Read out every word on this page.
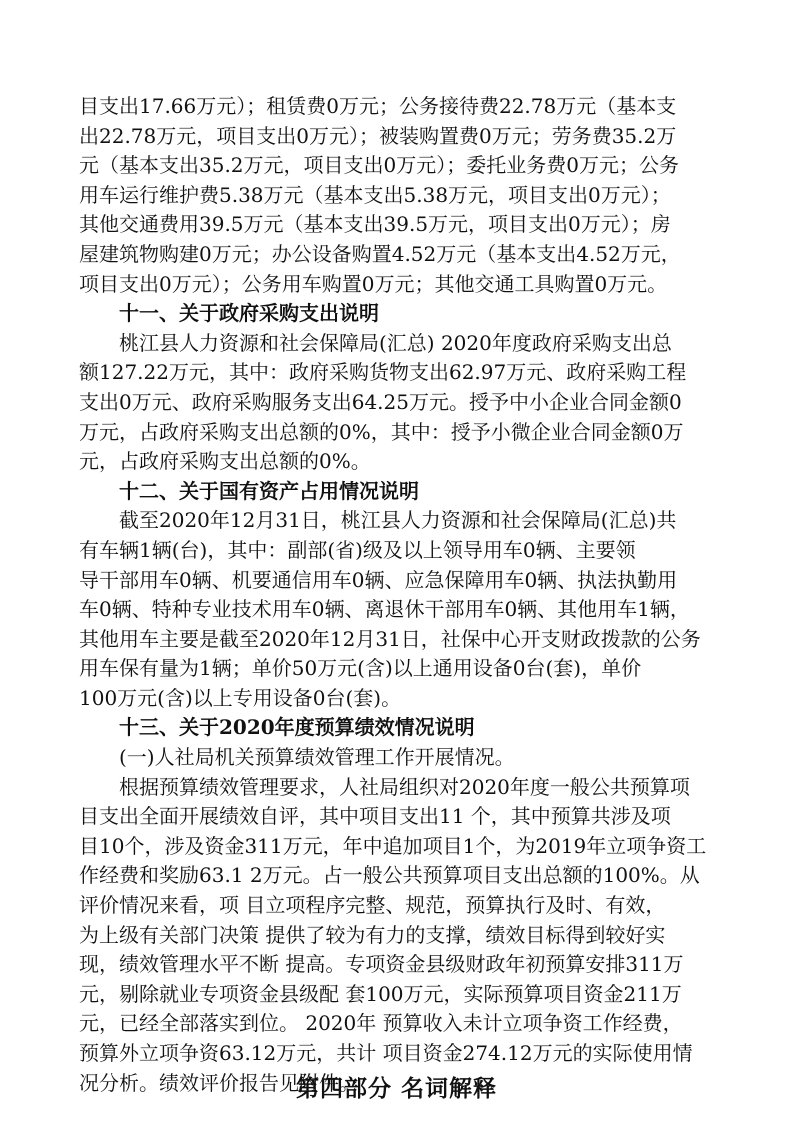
目支出17.66万元）；租赁费0万元；公务接待费22.78万元（基本支
出22.78万元，项目支出0万元）；被装购置费0万元；劳务费35.2万
元（基本支出35.2万元，项目支出0万元）；委托业务费0万元；公务
用车运行维护费5.38万元（基本支出5.38万元，项目支出0万元）；
其他交通费用39.5万元（基本支出39.5万元，项目支出0万元）；房
屋建筑物购建0万元；办公设备购置4.52万元（基本支出4.52万元，
项目支出0万元）；公务用车购置0万元；其他交通工具购置0万元。
十一、关于政府采购支出说明
桃江县人力资源和社会保障局(汇总) 2020年度政府采购支出总
额127.22万元，其中：政府采购货物支出62.97万元、政府采购工程
支出0万元、政府采购服务支出64.25万元。授予中小企业合同金额0
万元，占政府采购支出总额的0%，其中：授予小微企业合同金额0万
元，占政府采购支出总额的0%。
十二、关于国有资产占用情况说明
截至2020年12月31日，桃江县人力资源和社会保障局(汇总)共
有车辆1辆(台)，其中：副部(省)级及以上领导用车0辆、主要领
导干部用车0辆、机要通信用车0辆、应急保障用车0辆、执法执勤用
车0辆、特种专业技术用车0辆、离退休干部用车0辆、其他用车1辆，
其他用车主要是截至2020年12月31日，社保中心开支财政拨款的公务
用车保有量为1辆；单价50万元(含)以上通用设备0台(套)，单价
100万元(含)以上专用设备0台(套)。
十三、关于2020年度预算绩效情况说明
(一)人社局机关预算绩效管理工作开展情况。
根据预算绩效管理要求，人社局组织对2020年度一般公共预算项
目支出全面开展绩效自评，其中项目支出11 个，其中预算共涉及项
目10个，涉及资金311万元，年中追加项目1个，为2019年立项争资工
作经费和奖励63.1 2万元。占一般公共预算项目支出总额的100%。从
评价情况来看，项 目立项程序完整、规范，预算执行及时、有效，
为上级有关部门决策 提供了较为有力的支撑，绩效目标得到较好实
现，绩效管理水平不断 提高。专项资金县级财政年初预算安排311万
元，剔除就业专项资金县级配 套100万元，实际预算项目资金211万
元，已经全部落实到位。 2020年 预算收入未计立项争资工作经费，
预算外立项争资63.12万元，共计 项目资金274.12万元的实际使用情
况分析。绩效评价报告见附件。
第四部分 名词解释
